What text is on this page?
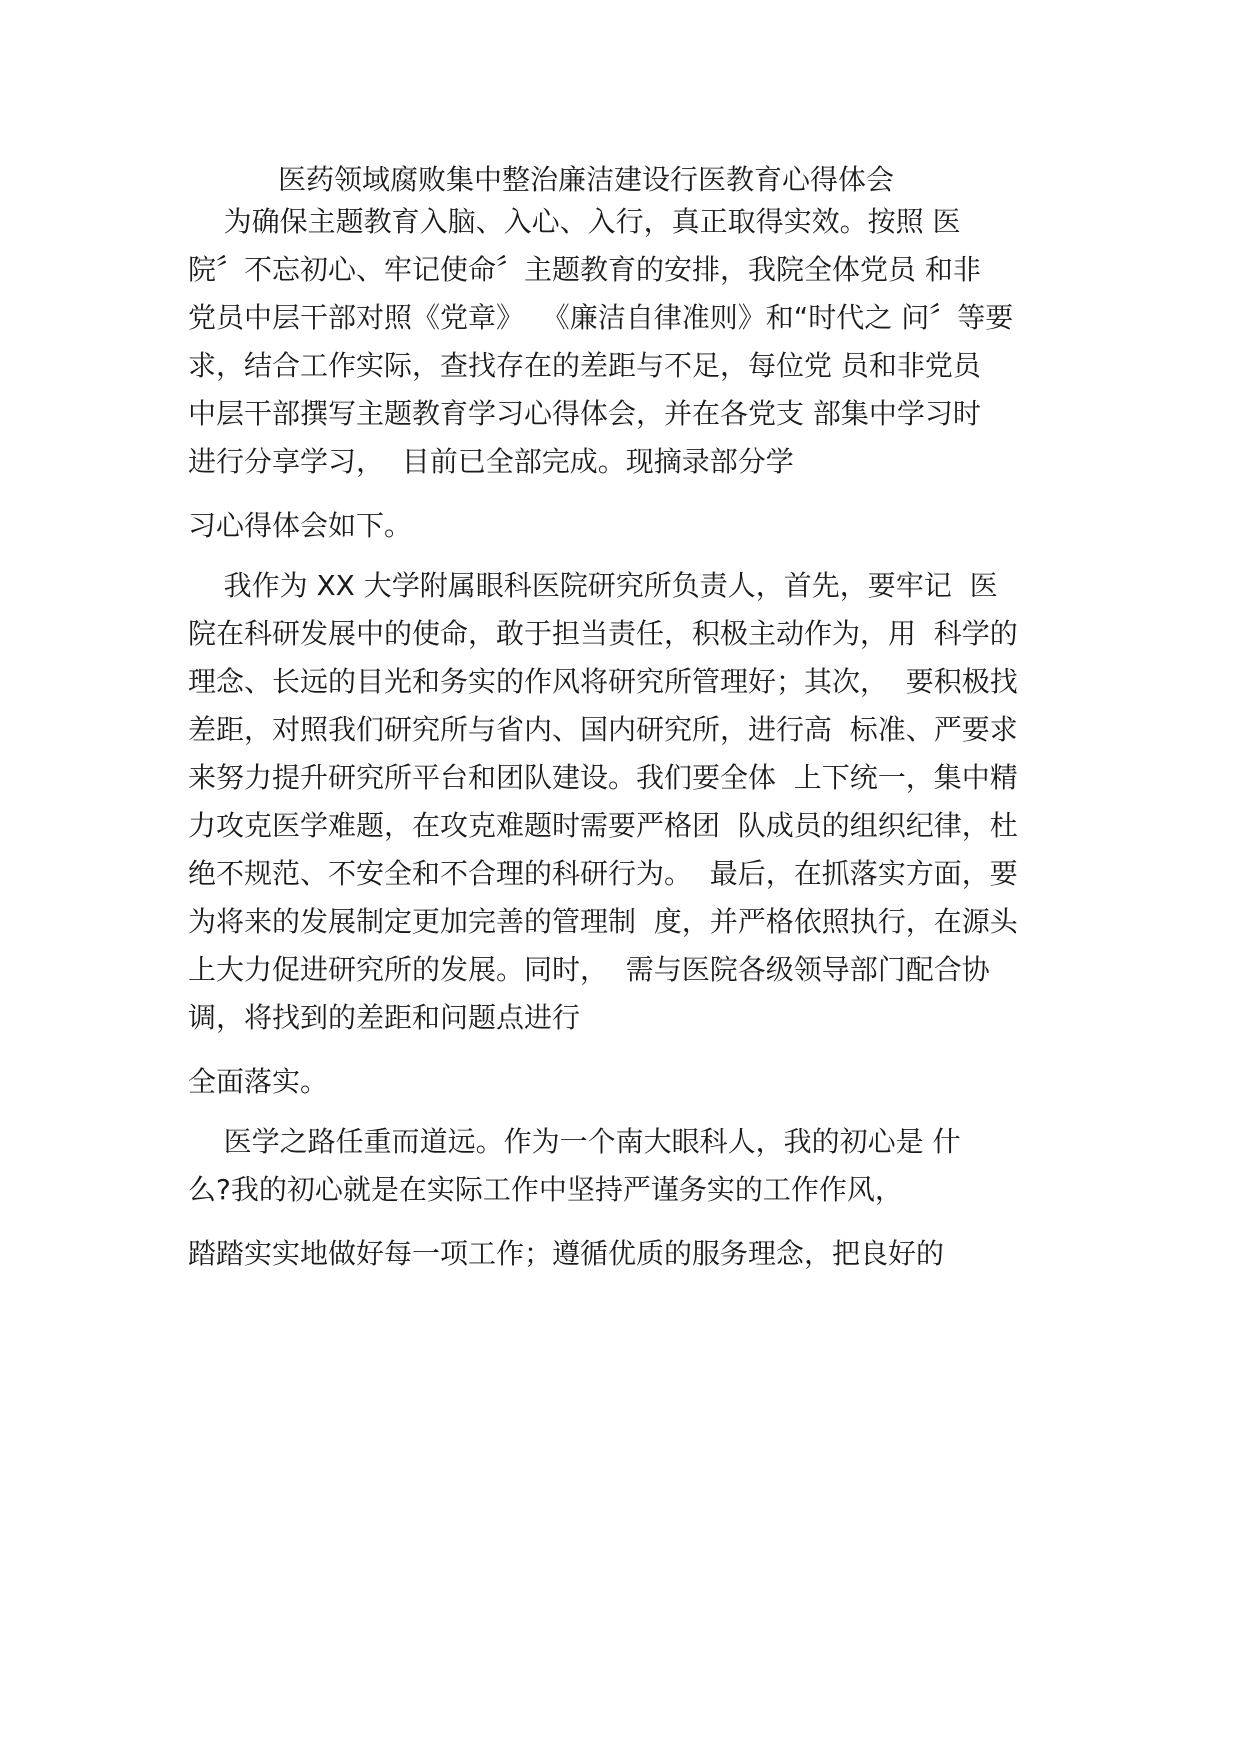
医药领域腐败集中整治廉洁建设行医教育心得体会
为确保主题教育入脑、入心、入行，真正取得实效。按照 医
院〞不忘初心、牢记使命〞主题教育的安排，我院全体党员 和非
党员中层干部对照《党章》  《廉洁自律准则》和“时代之 问〞等要
求，结合工作实际，查找存在的差距与不足，每位党 员和非党员
中层干部撰写主题教育学习心得体会，并在各党支 部集中学习时
进行分享学习，  目前已全部完成。现摘录部分学
习心得体会如下。
我作为 XX 大学附属眼科医院研究所负责人，首先，要牢记  医
院在科研发展中的使命，敢于担当责任，积极主动作为，用  科学的
理念、长远的目光和务实的作风将研究所管理好；其次，  要积极找
差距，对照我们研究所与省内、国内研究所，进行高  标准、严要求
来努力提升研究所平台和团队建设。我们要全体  上下统一，集中精
力攻克医学难题，在攻克难题时需要严格团  队成员的组织纪律，杜
绝不规范、不安全和不合理的科研行为。  最后，在抓落实方面，要
为将来的发展制定更加完善的管理制  度，并严格依照执行，在源头
上大力促进研究所的发展。同时，  需与医院各级领导部门配合协
调，将找到的差距和问题点进行
全面落实。
医学之路任重而道远。作为一个南大眼科人，我的初心是 什
么?我的初心就是在实际工作中坚持严谨务实的工作作风，
踏踏实实地做好每一项工作；遵循优质的服务理念，把良好的
